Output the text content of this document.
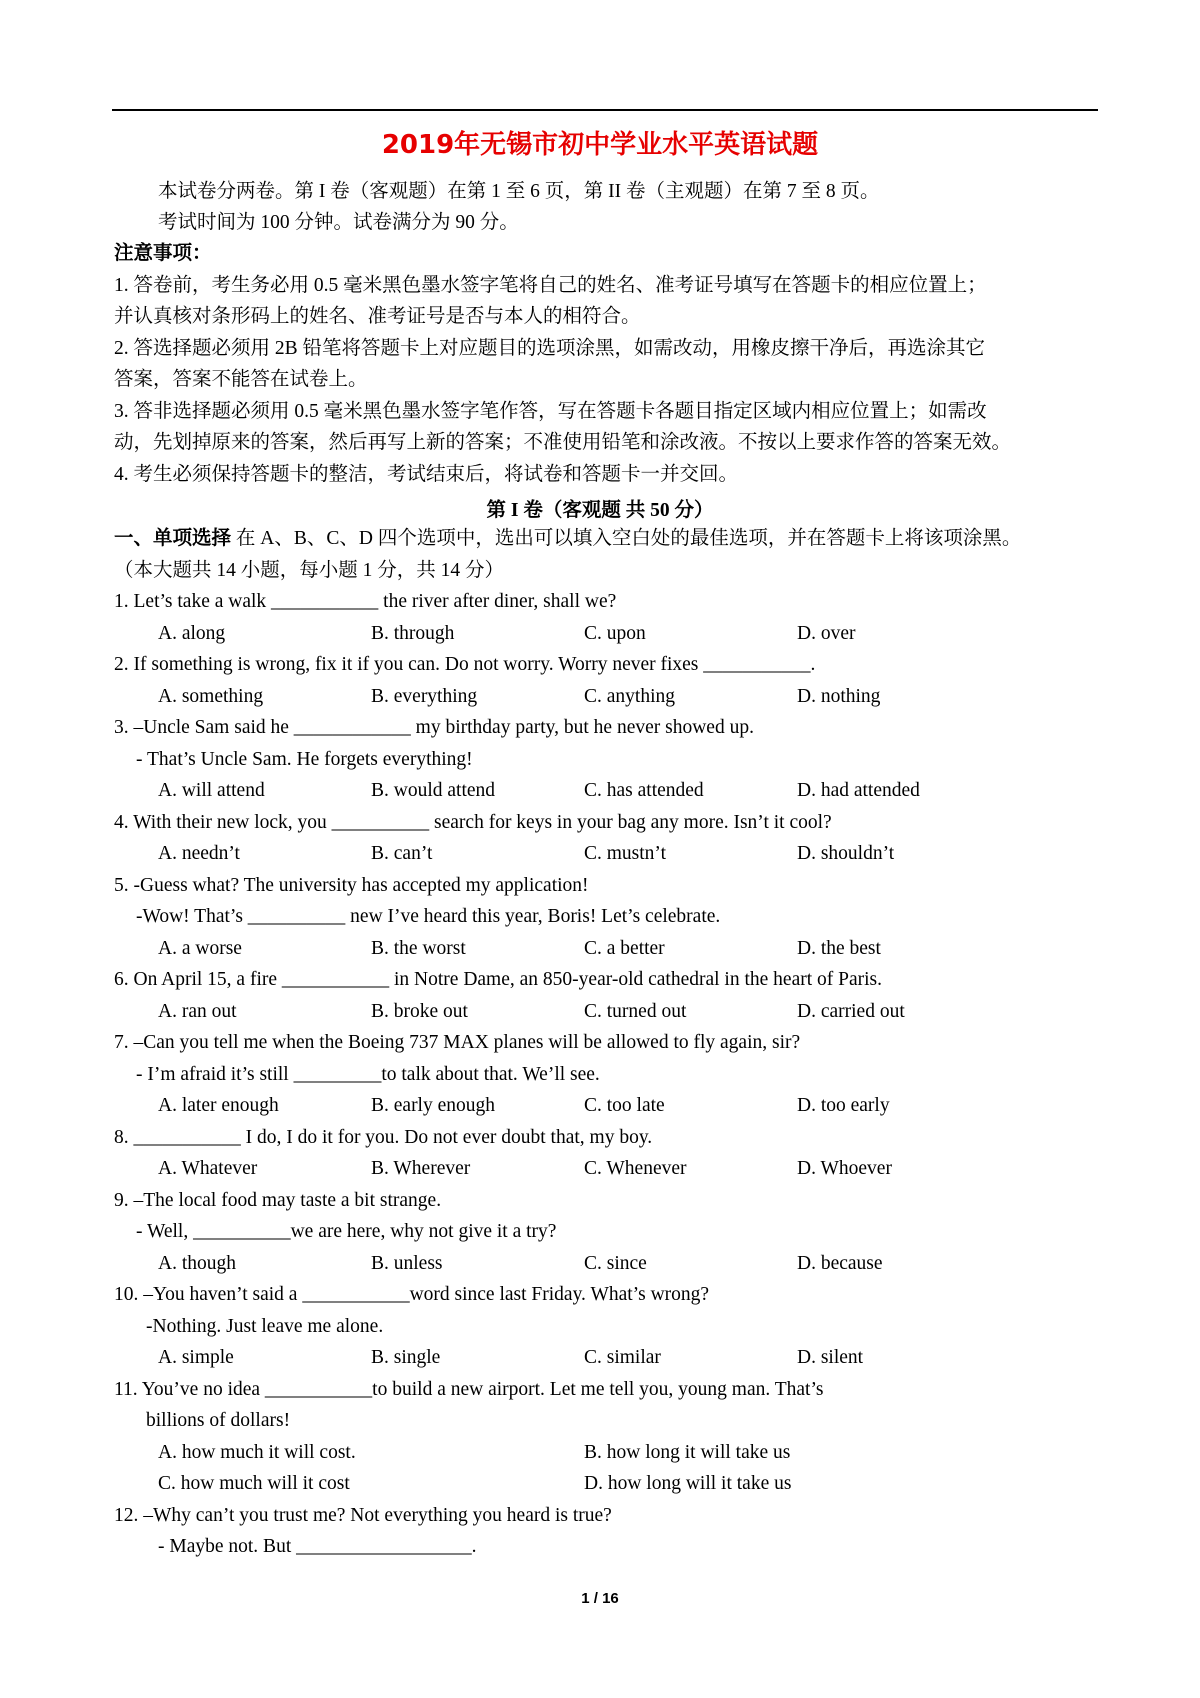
2019年无锡市初中学业水平英语试题
本试卷分两卷。第 I 卷（客观题）在第 1 至 6 页，第 II 卷（主观题）在第 7 至 8 页。
考试时间为 100 分钟。试卷满分为 90 分。
注意事项：
1. 答卷前，考生务必用 0.5 毫米黑色墨水签字笔将自己的姓名、准考证号填写在答题卡的相应位置上；
并认真核对条形码上的姓名、准考证号是否与本人的相符合。
2. 答选择题必须用 2B 铅笔将答题卡上对应题目的选项涂黑，如需改动，用橡皮擦干净后，再选涂其它
答案，答案不能答在试卷上。
3. 答非选择题必须用 0.5 毫米黑色墨水签字笔作答，写在答题卡各题目指定区域内相应位置上；如需改
动，先划掉原来的答案，然后再写上新的答案；不准使用铅笔和涂改液。不按以上要求作答的答案无效。
4. 考生必须保持答题卡的整洁，考试结束后，将试卷和答题卡一并交回。
第 I 卷（客观题 共 50 分）
一、单项选择 在 A、B、C、D 四个选项中，选出可以填入空白处的最佳选项，并在答题卡上将该项涂黑。
（本大题共 14 小题，每小题 1 分，共 14 分）
1. Let’s take a walk ___________ the river after diner, shall we?
A. along	B. through	C. upon	D. over
2. If something is wrong, fix it if you can. Do not worry. Worry never fixes ___________.
A. something	B. everything	C. anything	D. nothing
3. –Uncle Sam said he ____________ my birthday party, but he never showed up.
- That’s Uncle Sam. He forgets everything!
A. will attend	B. would attend	C. has attended	D. had attended
4. With their new lock, you __________ search for keys in your bag any more. Isn’t it cool?
A. needn’t	B. can’t	C. mustn’t	D. shouldn’t
5. -Guess what? The university has accepted my application!
-Wow! That’s __________ new I’ve heard this year, Boris! Let’s celebrate.
A. a worse	B. the worst	C. a better	D. the best
6. On April 15, a fire ___________ in Notre Dame, an 850-year-old cathedral in the heart of Paris.
A. ran out	B. broke out	C. turned out	D. carried out
7. –Can you tell me when the Boeing 737 MAX planes will be allowed to fly again, sir?
- I’m afraid it’s still _________to talk about that. We’ll see.
A. later enough	B. early enough	C. too late	D. too early
8. ___________ I do, I do it for you. Do not ever doubt that, my boy.
A. Whatever	B. Wherever	C. Whenever	D. Whoever
9. –The local food may taste a bit strange.
- Well, __________we are here, why not give it a try?
A. though	B. unless	C. since	D. because
10. –You haven’t said a ___________word since last Friday. What’s wrong?
-Nothing. Just leave me alone.
A. simple	B. single	C. similar	D. silent
11. You’ve no idea ___________to build a new airport. Let me tell you, young man. That’s
billions of dollars!
A. how much it will cost.	B. how long it will take us
C. how much will it cost	D. how long will it take us
12. –Why can’t you trust me? Not everything you heard is true?
- Maybe not. But __________________.
1 / 16
